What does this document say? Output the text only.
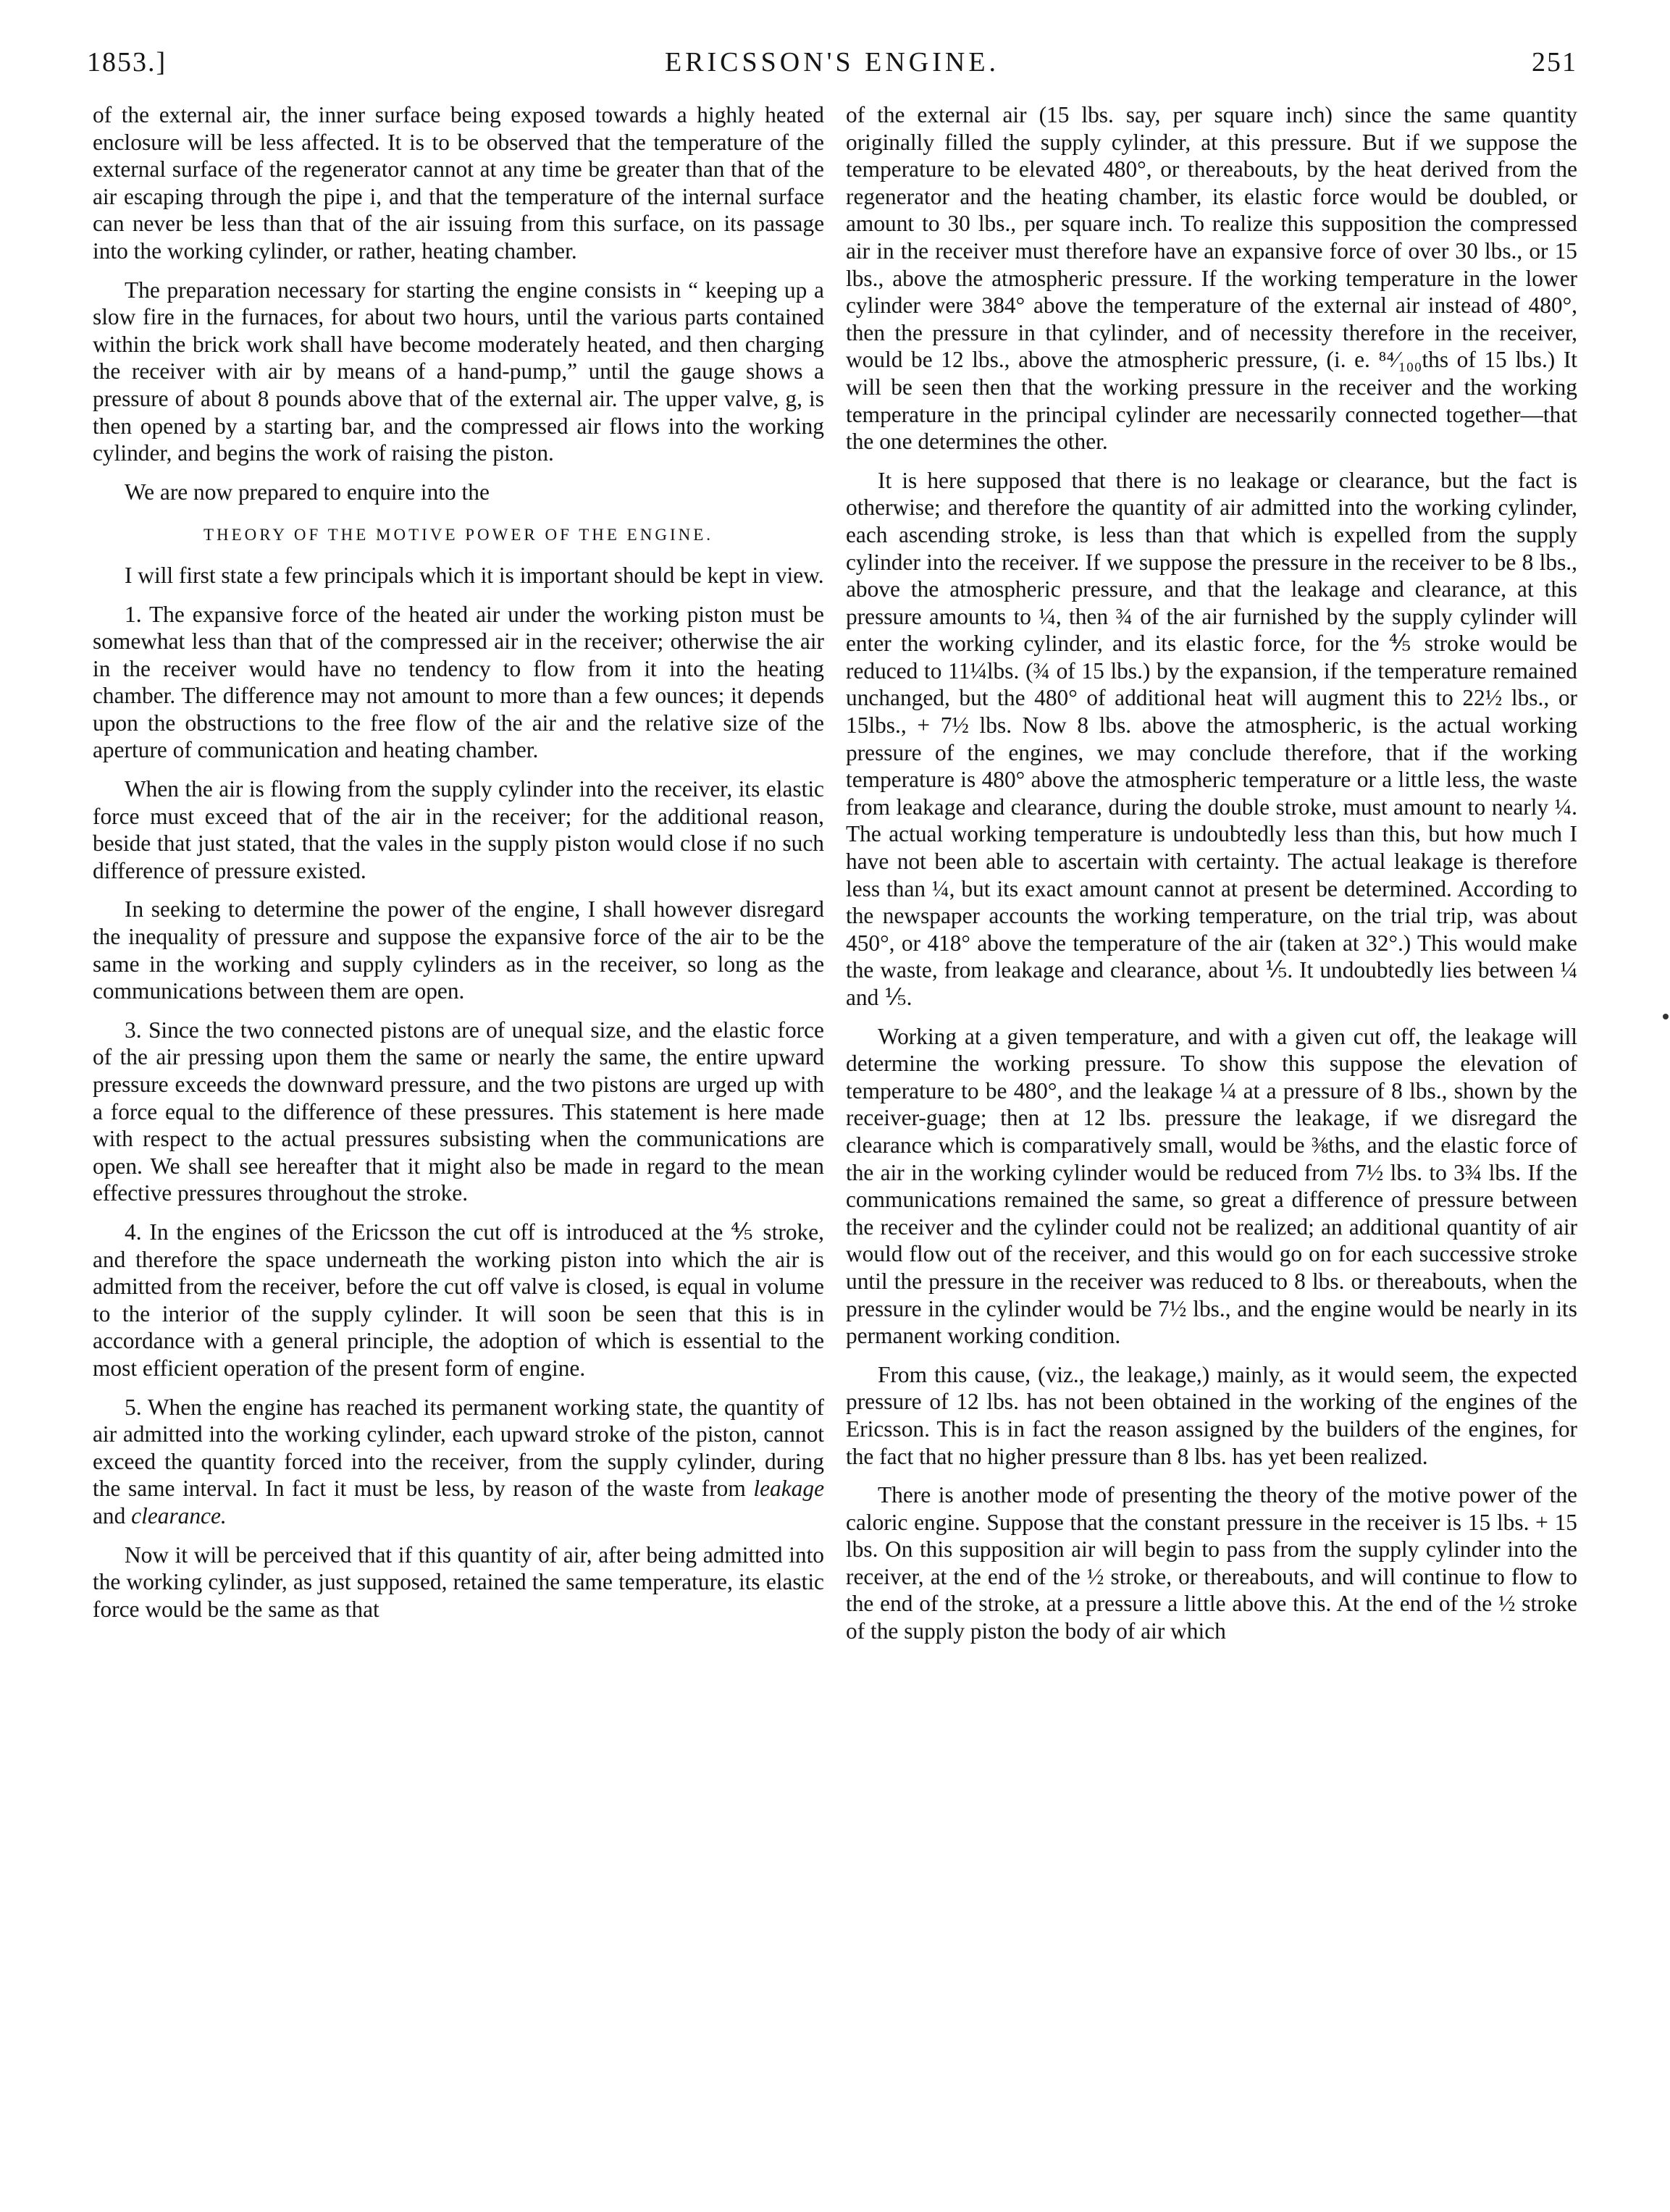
1853.]	ERICSSON'S ENGINE.	251

of the external air, the inner surface being exposed towards a highly heated enclosure will be less affected. It is to be observed that the temperature of the external surface of the regenerator cannot at any time be greater than that of the air escaping through the pipe i, and that the temperature of the internal surface can never be less than that of the air issuing from this surface, on its passage into the working cylinder, or rather, heating chamber.

The preparation necessary for starting the engine consists in “ keeping up a slow fire in the furnaces, for about two hours, until the various parts contained within the brick work shall have become moderately heated, and then charging the receiver with air by means of a hand-pump,” until the gauge shows a pressure of about 8 pounds above that of the external air. The upper valve, g, is then opened by a starting bar, and the compressed air flows into the working cylinder, and begins the work of raising the piston.

We are now prepared to enquire into the

THEORY OF THE MOTIVE POWER OF THE ENGINE.

I will first state a few principals which it is important should be kept in view.

1. The expansive force of the heated air under the working piston must be somewhat less than that of the compressed air in the receiver; otherwise the air in the receiver would have no tendency to flow from it into the heating chamber. The difference may not amount to more than a few ounces; it depends upon the obstructions to the free flow of the air and the relative size of the aperture of communication and heating chamber.

When the air is flowing from the supply cylinder into the receiver, its elastic force must exceed that of the air in the receiver; for the additional reason, beside that just stated, that the vales in the supply piston would close if no such difference of pressure existed.

In seeking to determine the power of the engine, I shall however disregard the inequality of pressure and suppose the expansive force of the air to be the same in the working and supply cylinders as in the receiver, so long as the communications between them are open.

3. Since the two connected pistons are of unequal size, and the elastic force of the air pressing upon them the same or nearly the same, the entire upward pressure exceeds the downward pressure, and the two pistons are urged up with a force equal to the difference of these pressures. This statement is here made with respect to the actual pressures subsisting when the communications are open. We shall see hereafter that it might also be made in regard to the mean effective pressures throughout the stroke.

4. In the engines of the Ericsson the cut off is introduced at the ⅘ stroke, and therefore the space underneath the working piston into which the air is admitted from the receiver, before the cut off valve is closed, is equal in volume to the interior of the supply cylinder. It will soon be seen that this is in accordance with a general principle, the adoption of which is essential to the most efficient operation of the present form of engine.

5. When the engine has reached its permanent working state, the quantity of air admitted into the working cylinder, each upward stroke of the piston, cannot exceed the quantity forced into the receiver, from the supply cylinder, during the same interval. In fact it must be less, by reason of the waste from leakage and clearance.

Now it will be perceived that if this quantity of air, after being admitted into the working cylinder, as just supposed, retained the same temperature, its elastic force would be the same as that

of the external air (15 lbs. say, per square inch) since the same quantity originally filled the supply cylinder, at this pressure. But if we suppose the temperature to be elevated 480°, or thereabouts, by the heat derived from the regenerator and the heating chamber, its elastic force would be doubled, or amount to 30 lbs., per square inch. To realize this supposition the compressed air in the receiver must therefore have an expansive force of over 30 lbs., or 15 lbs., above the atmospheric pressure. If the working temperature in the lower cylinder were 384° above the temperature of the external air instead of 480°, then the pressure in that cylinder, and of necessity therefore in the receiver, would be 12 lbs., above the atmospheric pressure, (i. e. ⁸⁴⁄₁₀₀ths of 15 lbs.) It will be seen then that the working pressure in the receiver and the working temperature in the principal cylinder are necessarily connected together—that the one determines the other.

It is here supposed that there is no leakage or clearance, but the fact is otherwise; and therefore the quantity of air admitted into the working cylinder, each ascending stroke, is less than that which is expelled from the supply cylinder into the receiver. If we suppose the pressure in the receiver to be 8 lbs., above the atmospheric pressure, and that the leakage and clearance, at this pressure amounts to ¼, then ¾ of the air furnished by the supply cylinder will enter the working cylinder, and its elastic force, for the ⅘ stroke would be reduced to 11¼lbs. (¾ of 15 lbs.) by the expansion, if the temperature remained unchanged, but the 480° of additional heat will augment this to 22½ lbs., or 15lbs., + 7½ lbs. Now 8 lbs. above the atmospheric, is the actual working pressure of the engines, we may conclude therefore, that if the working temperature is 480° above the atmospheric temperature or a little less, the waste from leakage and clearance, during the double stroke, must amount to nearly ¼. The actual working temperature is undoubtedly less than this, but how much I have not been able to ascertain with certainty. The actual leakage is therefore less than ¼, but its exact amount cannot at present be determined. According to the newspaper accounts the working temperature, on the trial trip, was about 450°, or 418° above the temperature of the air (taken at 32°.) This would make the waste, from leakage and clearance, about ⅕. It undoubtedly lies between ¼ and ⅕.

Working at a given temperature, and with a given cut off, the leakage will determine the working pressure. To show this suppose the elevation of temperature to be 480°, and the leakage ¼ at a pressure of 8 lbs., shown by the receiver-guage; then at 12 lbs. pressure the leakage, if we disregard the clearance which is comparatively small, would be ⅜ths, and the elastic force of the air in the working cylinder would be reduced from 7½ lbs. to 3¾ lbs. If the communications remained the same, so great a difference of pressure between the receiver and the cylinder could not be realized; an additional quantity of air would flow out of the receiver, and this would go on for each successive stroke until the pressure in the receiver was reduced to 8 lbs. or thereabouts, when the pressure in the cylinder would be 7½ lbs., and the engine would be nearly in its permanent working condition.

From this cause, (viz., the leakage,) mainly, as it would seem, the expected pressure of 12 lbs. has not been obtained in the working of the engines of the Ericsson. This is in fact the reason assigned by the builders of the engines, for the fact that no higher pressure than 8 lbs. has yet been realized.

There is another mode of presenting the theory of the motive power of the caloric engine. Suppose that the constant pressure in the receiver is 15 lbs. + 15 lbs. On this supposition air will begin to pass from the supply cylinder into the receiver, at the end of the ½ stroke, or thereabouts, and will continue to flow to the end of the stroke, at a pressure a little above this. At the end of the ½ stroke of the supply piston the body of air which
